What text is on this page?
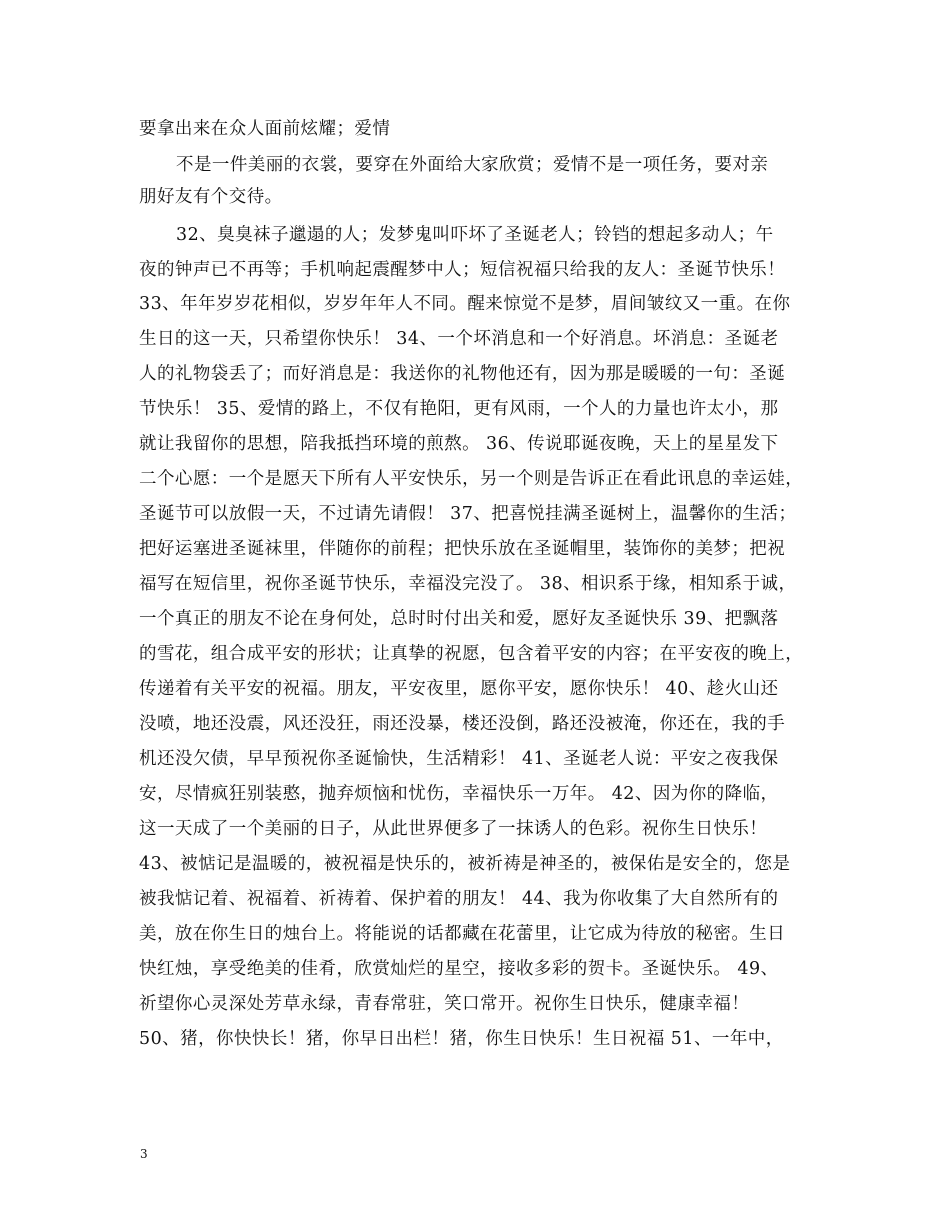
要拿出来在众人面前炫耀；爱情
不是一件美丽的衣裳，要穿在外面给大家欣赏；爱情不是一项任务，要对亲
朋好友有个交待。
32、臭臭袜子邋遢的人；发梦鬼叫吓坏了圣诞老人；铃铛的想起多动人；午
夜的钟声已不再等；手机响起震醒梦中人；短信祝福只给我的友人：圣诞节快乐！
33、年年岁岁花相似，岁岁年年人不同。醒来惊觉不是梦，眉间皱纹又一重。在你
生日的这一天，只希望你快乐！ 34、一个坏消息和一个好消息。坏消息：圣诞老
人的礼物袋丢了；而好消息是：我送你的礼物他还有，因为那是暖暖的一句：圣诞
节快乐！ 35、爱情的路上，不仅有艳阳，更有风雨，一个人的力量也许太小，那
就让我留你的思想，陪我抵挡环境的煎熬。 36、传说耶诞夜晚，天上的星星发下
二个心愿：一个是愿天下所有人平安快乐，另一个则是告诉正在看此讯息的幸运娃，
圣诞节可以放假一天，不过请先请假！ 37、把喜悦挂满圣诞树上，温馨你的生活；
把好运塞进圣诞袜里，伴随你的前程；把快乐放在圣诞帽里，装饰你的美梦；把祝
福写在短信里，祝你圣诞节快乐，幸福没完没了。 38、相识系于缘，相知系于诚，
一个真正的朋友不论在身何处，总时时付出关和爱，愿好友圣诞快乐 39、把飘落
的雪花，组合成平安的形状；让真挚的祝愿，包含着平安的内容；在平安夜的晚上，
传递着有关平安的祝福。朋友，平安夜里，愿你平安，愿你快乐！ 40、趁火山还
没喷，地还没震，风还没狂，雨还没暴，楼还没倒，路还没被淹，你还在，我的手
机还没欠债，早早预祝你圣诞愉快，生活精彩！ 41、圣诞老人说：平安之夜我保
安，尽情疯狂别装憨，抛弃烦恼和忧伤，幸福快乐一万年。 42、因为你的降临，
这一天成了一个美丽的日子，从此世界便多了一抹诱人的色彩。祝你生日快乐！
43、被惦记是温暖的，被祝福是快乐的，被祈祷是神圣的，被保佑是安全的，您是
被我惦记着、祝福着、祈祷着、保护着的朋友！ 44、我为你收集了大自然所有的
美，放在你生日的烛台上。将能说的话都藏在花蕾里，让它成为待放的秘密。生日
快红烛，享受绝美的佳肴，欣赏灿烂的星空，接收多彩的贺卡。圣诞快乐。 49、
祈望你心灵深处芳草永绿，青春常驻，笑口常开。祝你生日快乐，健康幸福！
50、猪，你快快长！猪，你早日出栏！猪，你生日快乐！生日祝福 51、一年中，
3
